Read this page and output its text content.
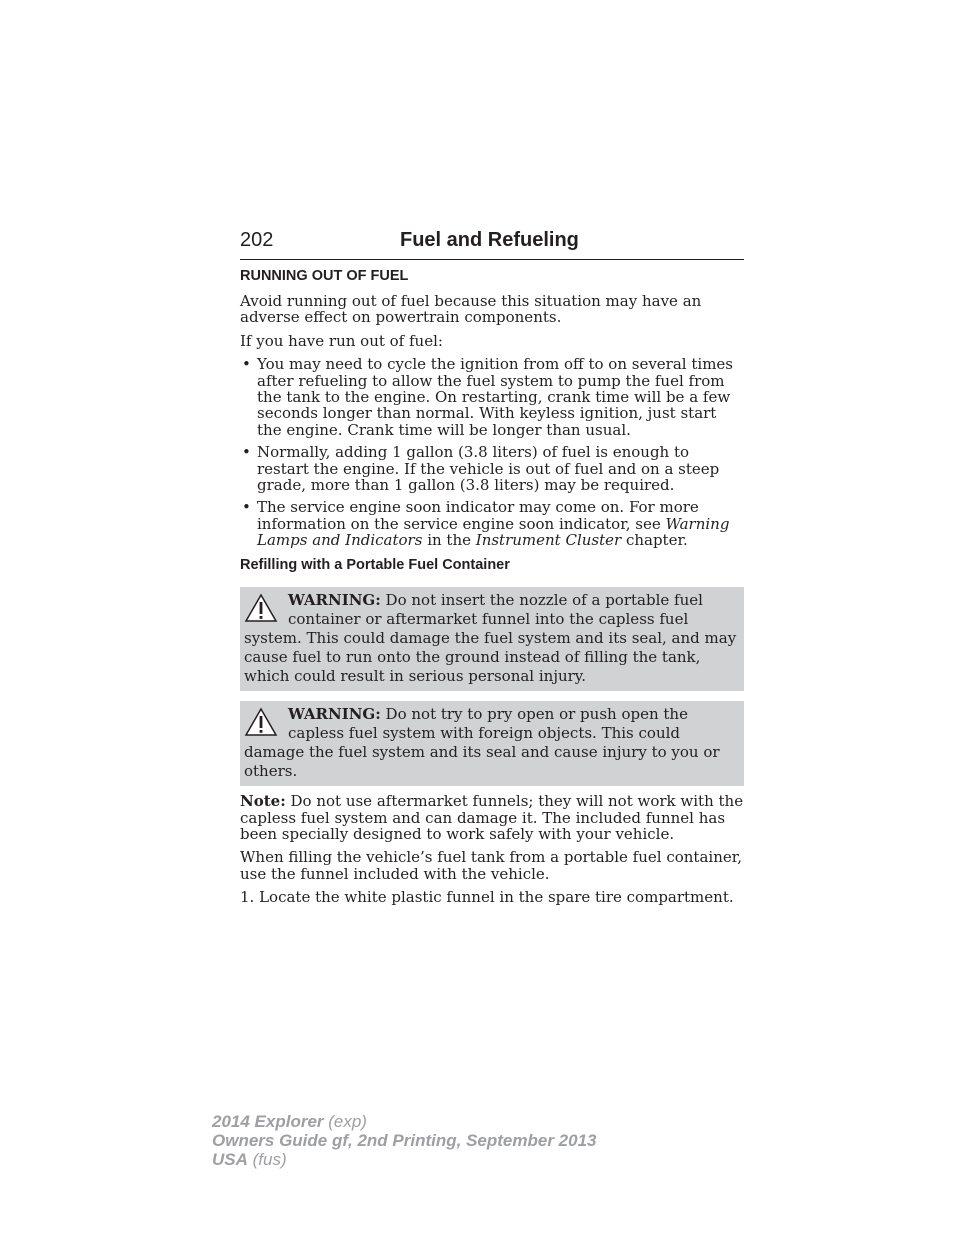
202	Fuel and Refueling
RUNNING OUT OF FUEL

Avoid running out of fuel because this situation may have an adverse effect on powertrain components.

If you have run out of fuel:

• You may need to cycle the ignition from off to on several times after refueling to allow the fuel system to pump the fuel from the tank to the engine. On restarting, crank time will be a few seconds longer than normal. With keyless ignition, just start the engine. Crank time will be longer than usual.
• Normally, adding 1 gallon (3.8 liters) of fuel is enough to restart the engine. If the vehicle is out of fuel and on a steep grade, more than 1 gallon (3.8 liters) may be required.
• The service engine soon indicator may come on. For more information on the service engine soon indicator, see Warning Lamps and Indicators in the Instrument Cluster chapter.
Refilling with a Portable Fuel Container
WARNING: Do not insert the nozzle of a portable fuel container or aftermarket funnel into the capless fuel system. This could damage the fuel system and its seal, and may cause fuel to run onto the ground instead of filling the tank, which could result in serious personal injury.
WARNING: Do not try to pry open or push open the capless fuel system with foreign objects. This could damage the fuel system and its seal and cause injury to you or others.

Note: Do not use aftermarket funnels; they will not work with the capless fuel system and can damage it. The included funnel has been specially designed to work safely with your vehicle.

When filling the vehicle’s fuel tank from a portable fuel container, use the funnel included with the vehicle.

1. Locate the white plastic funnel in the spare tire compartment.

2014 Explorer (exp)
Owners Guide gf, 2nd Printing, September 2013
USA (fus)
